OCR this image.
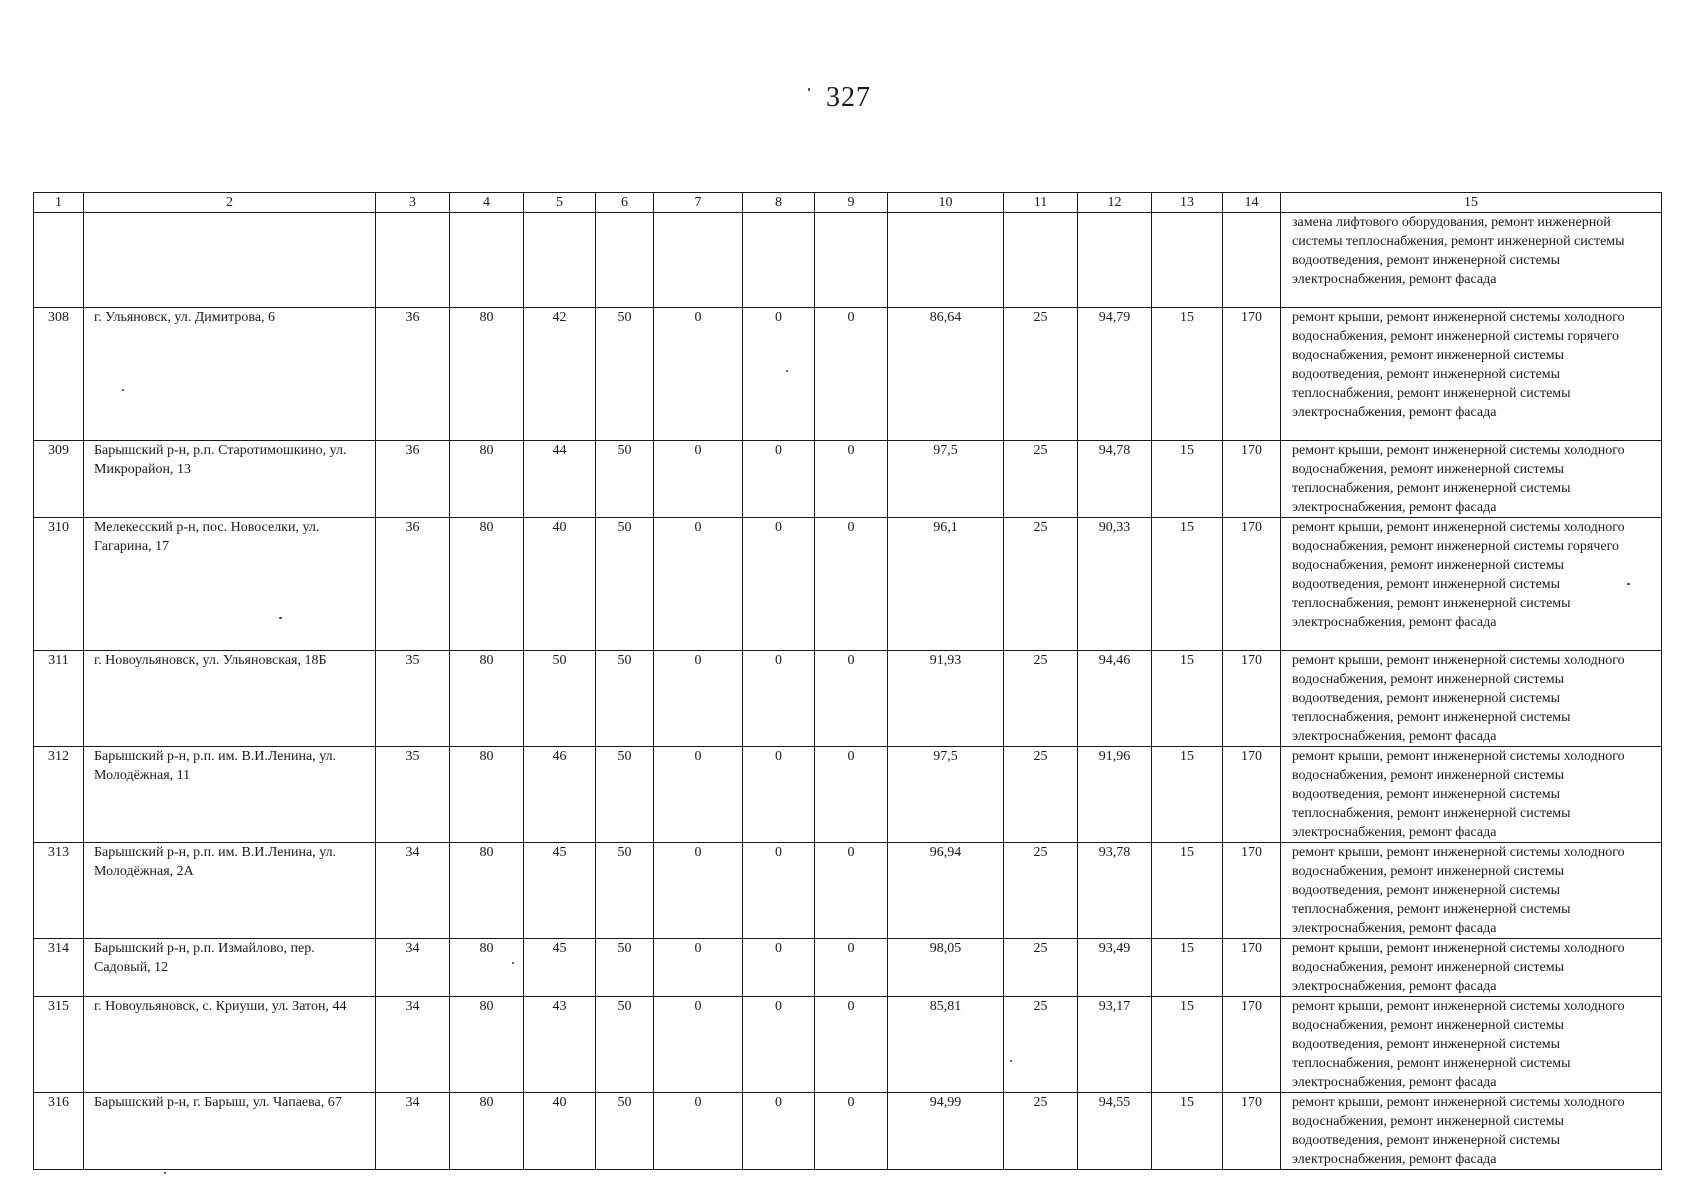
327
1	2	3	4	5	6	7	8	9	10	11	12	13	14	15
														замена лифтового оборудования, ремонт инженерной системы теплоснабжения, ремонт инженерной системы водоотведения, ремонт инженерной системы электроснабжения, ремонт фасада
308	г. Ульяновск, ул. Димитрова, 6	36	80	42	50	0	0	0	86,64	25	94,79	15	170	ремонт крыши, ремонт инженерной системы холодного водоснабжения, ремонт инженерной системы горячего водоснабжения, ремонт инженерной системы водоотведения, ремонт инженерной системы теплоснабжения, ремонт инженерной системы электроснабжения, ремонт фасада
309	Барышский р-н, р.п. Старотимошкино, ул. Микрорайон, 13	36	80	44	50	0	0	0	97,5	25	94,78	15	170	ремонт крыши, ремонт инженерной системы холодного водоснабжения, ремонт инженерной системы теплоснабжения, ремонт инженерной системы электроснабжения, ремонт фасада
310	Мелекесский р-н, пос. Новоселки, ул. Гагарина, 17	36	80	40	50	0	0	0	96,1	25	90,33	15	170	ремонт крыши, ремонт инженерной системы холодного водоснабжения, ремонт инженерной системы горячего водоснабжения, ремонт инженерной системы водоотведения, ремонт инженерной системы теплоснабжения, ремонт инженерной системы электроснабжения, ремонт фасада
311	г. Новоульяновск, ул. Ульяновская, 18Б	35	80	50	50	0	0	0	91,93	25	94,46	15	170	ремонт крыши, ремонт инженерной системы холодного водоснабжения, ремонт инженерной системы водоотведения, ремонт инженерной системы теплоснабжения, ремонт инженерной системы электроснабжения, ремонт фасада
312	Барышский р-н, р.п. им. В.И.Ленина, ул. Молодёжная, 11	35	80	46	50	0	0	0	97,5	25	91,96	15	170	ремонт крыши, ремонт инженерной системы холодного водоснабжения, ремонт инженерной системы водоотведения, ремонт инженерной системы теплоснабжения, ремонт инженерной системы электроснабжения, ремонт фасада
313	Барышский р-н, р.п. им. В.И.Ленина, ул. Молодёжная, 2А	34	80	45	50	0	0	0	96,94	25	93,78	15	170	ремонт крыши, ремонт инженерной системы холодного водоснабжения, ремонт инженерной системы водоотведения, ремонт инженерной системы теплоснабжения, ремонт инженерной системы электроснабжения, ремонт фасада
314	Барышский р-н, р.п. Измайлово, пер. Садовый, 12	34	80	45	50	0	0	0	98,05	25	93,49	15	170	ремонт крыши, ремонт инженерной системы холодного водоснабжения, ремонт инженерной системы электроснабжения, ремонт фасада
315	г. Новоульяновск, с. Криуши, ул. Затон, 44	34	80	43	50	0	0	0	85,81	25	93,17	15	170	ремонт крыши, ремонт инженерной системы холодного водоснабжения, ремонт инженерной системы водоотведения, ремонт инженерной системы теплоснабжения, ремонт инженерной системы электроснабжения, ремонт фасада
316	Барышский р-н, г. Барыш, ул. Чапаева, 67	34	80	40	50	0	0	0	94,99	25	94,55	15	170	ремонт крыши, ремонт инженерной системы холодного водоснабжения, ремонт инженерной системы водоотведения, ремонт инженерной системы электроснабжения, ремонт фасада
